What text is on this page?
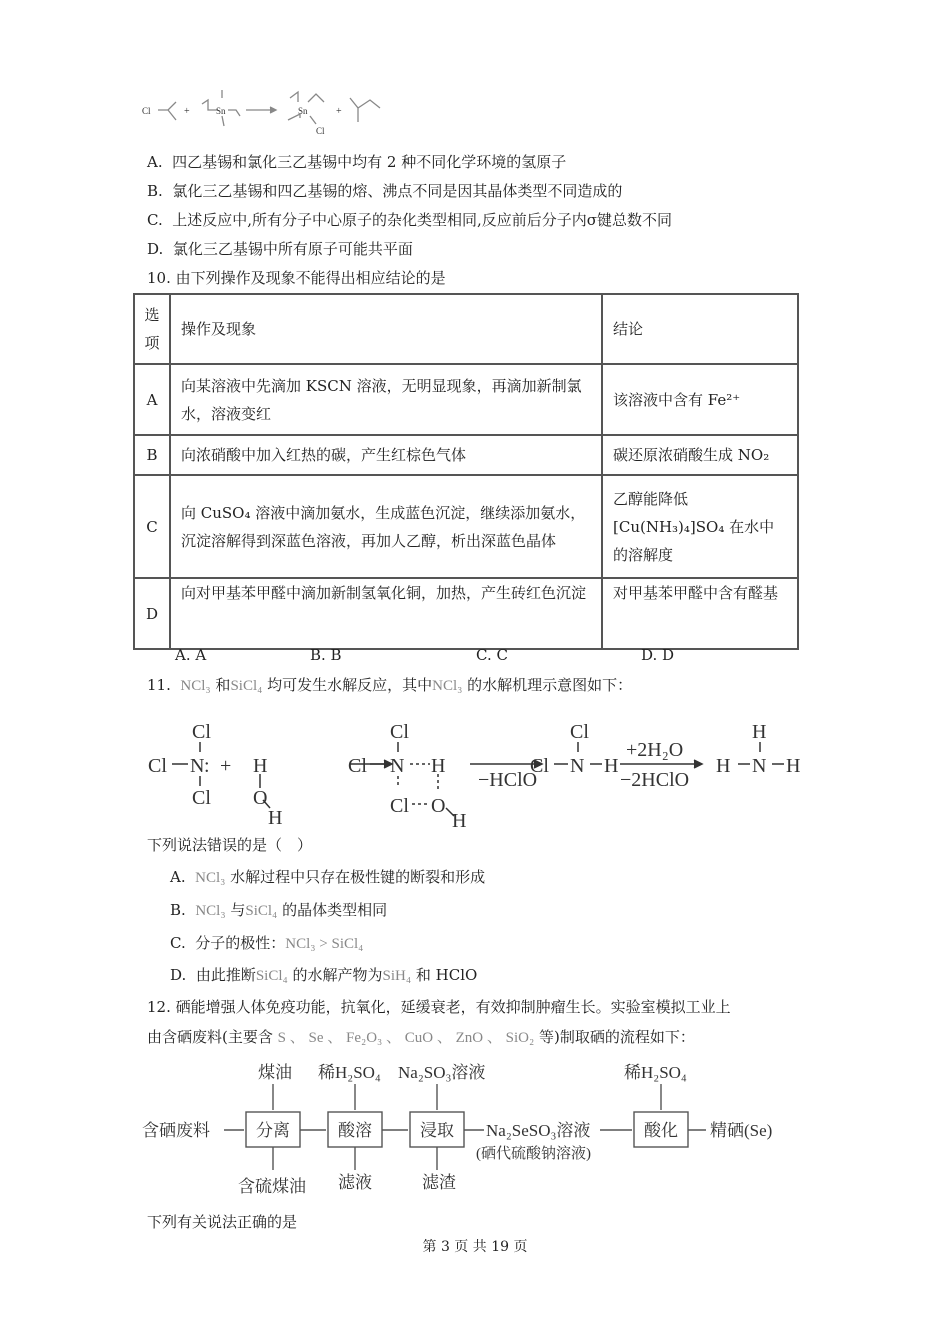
Cl	+	Sn	Sn
Cl
+
A. 四乙基锡和氯化三乙基锡中均有 2 种不同化学环境的氢原子
B. 氯化三乙基锡和四乙基锡的熔、沸点不同是因其晶体类型不同造成的
C. 上述反应中,所有分子中心原子的杂化类型相同,反应前后分子内σ键总数不同
D. 氯化三乙基锡中所有原子可能共平面
10. 由下列操作及现象不能得出相应结论的是
选项	操作及现象	结论
A	向某溶液中先滴加 KSCN 溶液，无明显现象，再滴加新制氯水，溶液变红	该溶液中含有 Fe²⁺
B	向浓硝酸中加入红热的碳，产生红棕色气体	碳还原浓硝酸生成 NO₂
C	向 CuSO₄ 溶液中滴加氨水，生成蓝色沉淀，继续添加氨水，沉淀溶解得到深蓝色溶液，再加人乙醇，析出深蓝色晶体	乙醇能降低 [Cu(NH₃)₄]SO₄ 在水中的溶解度
D	向对甲基苯甲醛中滴加新制氢氧化铜，加热，产生砖红色沉淀	对甲基苯甲醛中含有醛基
A. A	B. B	C. C	D. D
11. NCl₃ 和SiCl₄ 均可发生水解反应，其中NCl₃ 的水解机理示意图如下：
Cl
Cl N : +
Cl
H
O
H
Cl
Cl N H
Cl O
H
−HClO
Cl
Cl N H
+2H₂O
−2HClO
H
H N H
下列说法错误的是（　）
A. NCl₃ 水解过程中只存在极性键的断裂和形成
B. NCl₃ 与SiCl₄ 的晶体类型相同
C. 分子的极性：NCl₃ > SiCl₄
D. 由此推断SiCl₄ 的水解产物为SiH₄ 和 HClO
12. 硒能增强人体免疫功能，抗氧化，延缓衰老，有效抑制肿瘤生长。实验室模拟工业上
由含硒废料(主要含 S 、 Se 、 Fe₂O₃ 、 CuO 、 ZnO 、 SiO₂ 等)制取硒的流程如下：
含硒废料	分离	酸溶	浸取	酸化
煤油 稀H₂SO₄ Na₂SO₃溶液	稀H₂SO₄
含硫煤油 滤液	滤渣
Na₂SeSO₃溶液
(硒代硫酸钠溶液)
精硒(Se)
下列有关说法正确的是
第 3 页 共 19 页
